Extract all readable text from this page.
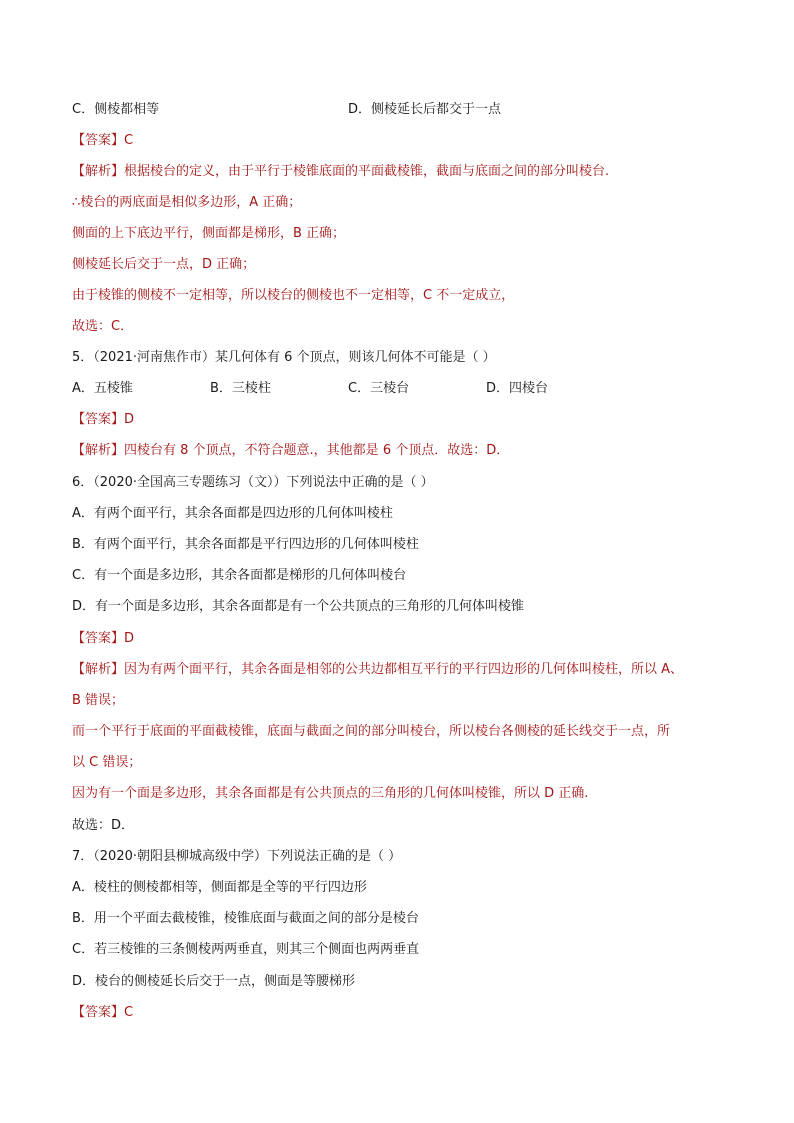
C．侧棱都相等	D．侧棱延长后都交于一点
【答案】C
【解析】根据棱台的定义，由于平行于棱锥底面的平面截棱锥，截面与底面之间的部分叫棱台.
∴棱台的两底面是相似多边形，A 正确；
侧面的上下底边平行，侧面都是梯形，B 正确；
侧棱延长后交于一点，D 正确；
由于棱锥的侧棱不一定相等，所以棱台的侧棱也不一定相等，C 不一定成立，
故选：C．
5．（2021·河南焦作市）某几何体有 6 个顶点，则该几何体不可能是（ ）
A．五棱锥	B．三棱柱	C．三棱台	D．四棱台
【答案】D
【解析】四棱台有 8 个顶点，不符合题意.，其他都是 6 个顶点．故选：D．
6．（2020·全国高三专题练习（文））下列说法中正确的是（ ）
A．有两个面平行，其余各面都是四边形的几何体叫棱柱
B．有两个面平行，其余各面都是平行四边形的几何体叫棱柱
C．有一个面是多边形，其余各面都是梯形的几何体叫棱台
D．有一个面是多边形，其余各面都是有一个公共顶点的三角形的几何体叫棱锥
【答案】D
【解析】因为有两个面平行，其余各面是相邻的公共边都相互平行的平行四边形的几何体叫棱柱，所以 A、
B 错误；
而一个平行于底面的平面截棱锥，底面与截面之间的部分叫棱台，所以棱台各侧棱的延长线交于一点，所
以 C 错误；
因为有一个面是多边形，其余各面都是有公共顶点的三角形的几何体叫棱锥，所以 D 正确.
故选：D．
7．（2020·朝阳县柳城高级中学）下列说法正确的是（ ）
A．棱柱的侧棱都相等，侧面都是全等的平行四边形
B．用一个平面去截棱锥，棱锥底面与截面之间的部分是棱台
C．若三棱锥的三条侧棱两两垂直，则其三个侧面也两两垂直
D．棱台的侧棱延长后交于一点，侧面是等腰梯形
【答案】C
